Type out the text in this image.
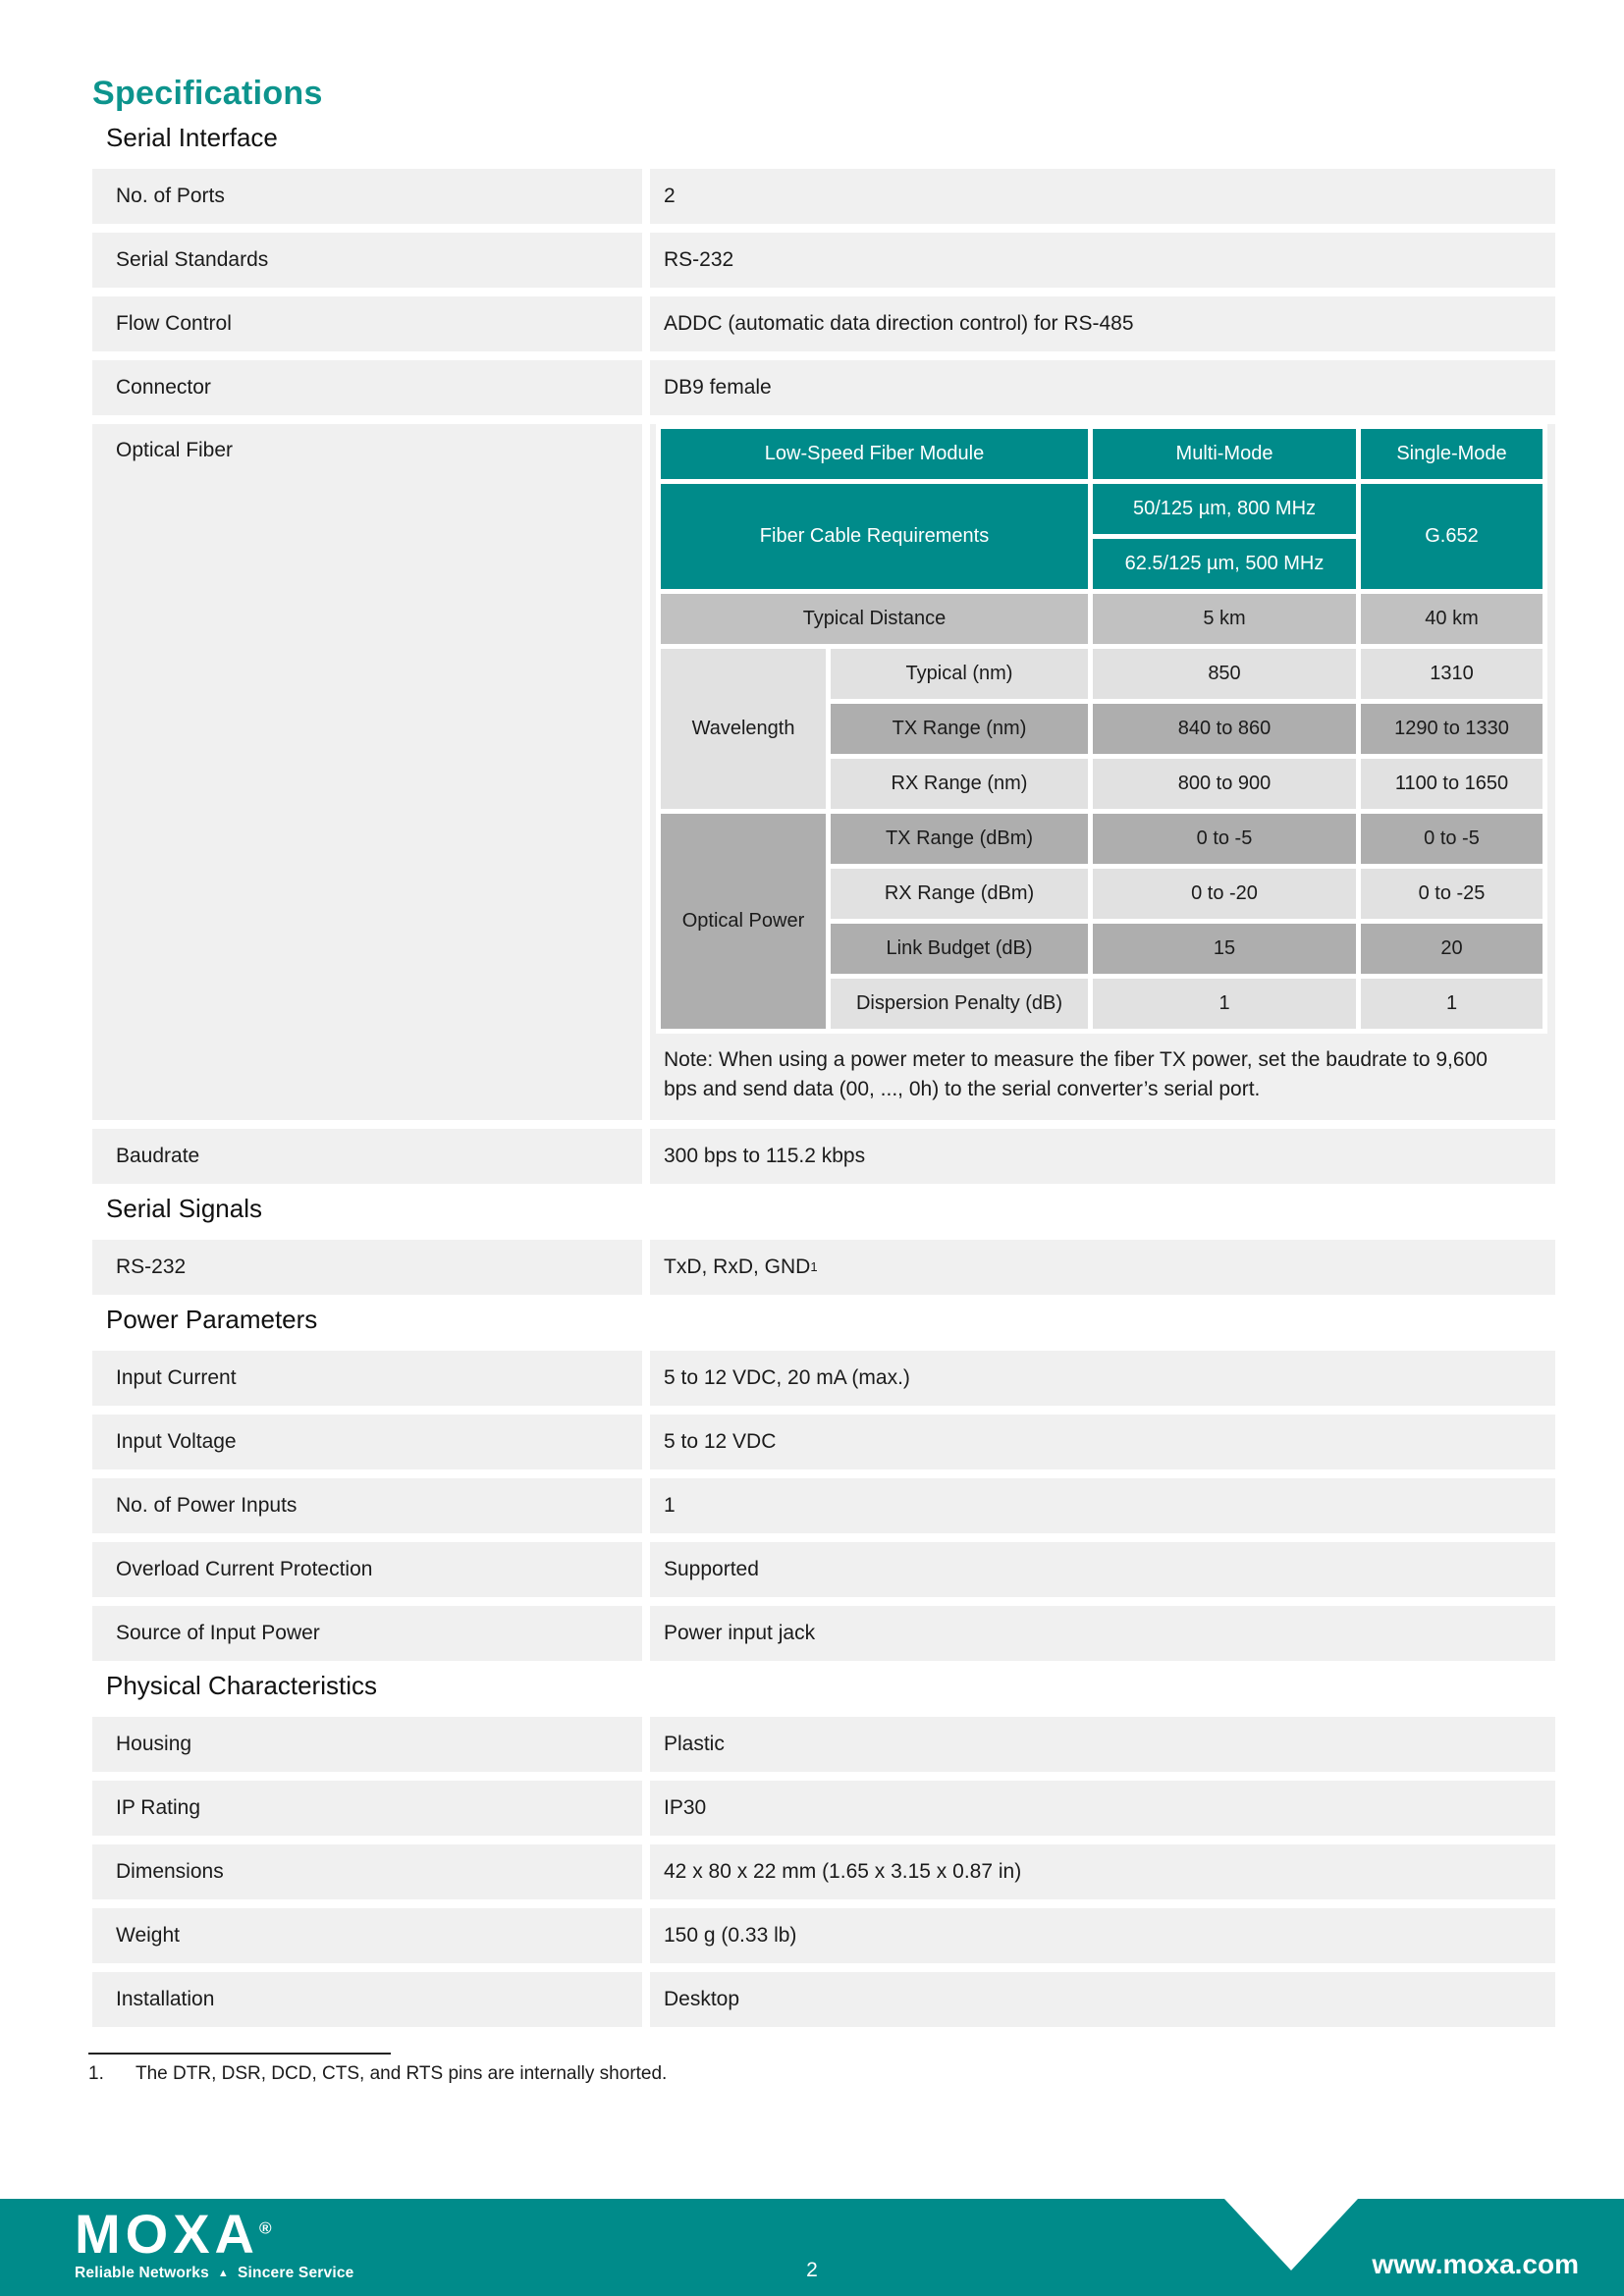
Specifications
Serial Interface
No. of Ports	2
Serial Standards	RS-232
Flow Control	ADDC (automatic data direction control) for RS-485
Connector	DB9 female
Optical Fiber	Low-Speed Fiber Module		Multi-Mode	Single-Mode
Fiber Cable Requirements		50/125 µm, 800 MHz	G.652
		62.5/125 µm, 500 MHz	
Typical Distance		5 km	40 km
Wavelength	Typical (nm)	850	1310
	TX Range (nm)	840 to 860	1290 to 1330
	RX Range (nm)	800 to 900	1100 to 1650
Optical Power	TX Range (dBm)	0 to -5	0 to -5
	RX Range (dBm)	0 to -20	0 to -25
	Link Budget (dB)	15	20
	Dispersion Penalty (dB)	1	1
Note: When using a power meter to measure the fiber TX power, set the baudrate to 9,600 bps and send data (00, ..., 0h) to the serial converter’s serial port.
Baudrate	300 bps to 115.2 kbps
Serial Signals
RS-232	TxD, RxD, GND 1
Power Parameters
Input Current	5 to 12 VDC, 20 mA (max.)
Input Voltage	5 to 12 VDC
No. of Power Inputs	1
Overload Current Protection	Supported
Source of Input Power	Power input jack
Physical Characteristics
Housing	Plastic
IP Rating	IP30
Dimensions	42 x 80 x 22 mm (1.65 x 3.15 x 0.87 in)
Weight	150 g (0.33 lb)
Installation	Desktop
1.	The DTR, DSR, DCD, CTS, and RTS pins are internally shorted.
MOXA®
Reliable Networks ▲ Sincere Service	2	www.moxa.com
